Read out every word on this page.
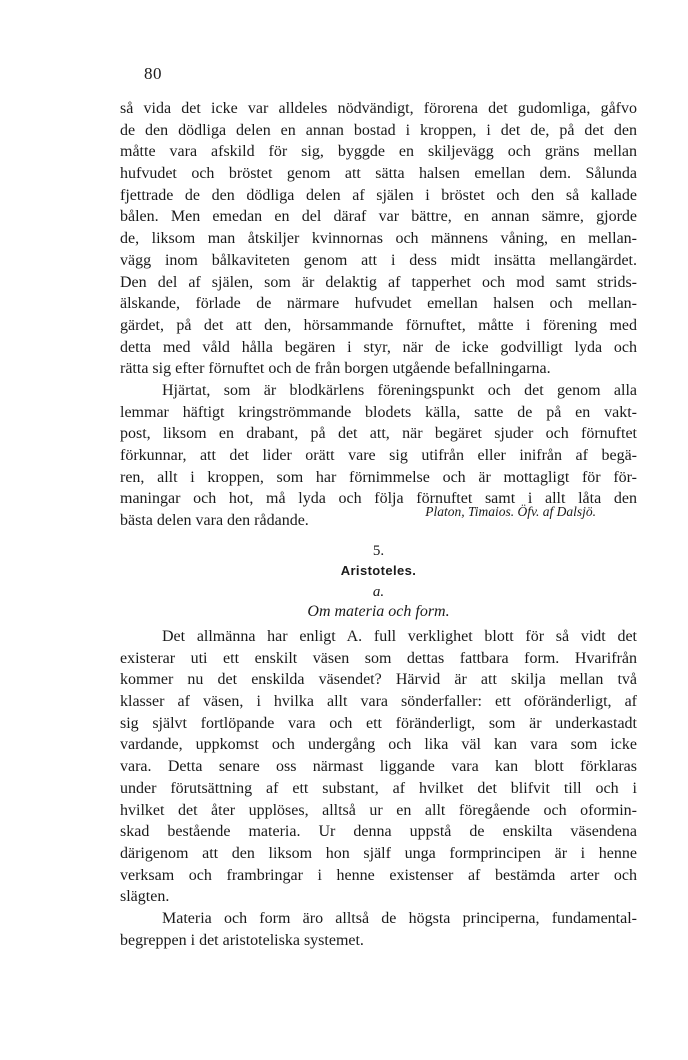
80
så vida det icke var alldeles nödvändigt, förorena det gudomliga, gåfvo
de den dödliga delen en annan bostad i kroppen, i det de, på det den
måtte vara afskild för sig, byggde en skiljevägg och gräns mellan
hufvudet och bröstet genom att sätta halsen emellan dem. Sålunda
fjettrade de den dödliga delen af själen i bröstet och den så kallade
bålen. Men emedan en del däraf var bättre, en annan sämre, gjorde
de, liksom man åtskiljer kvinnornas och männens våning, en mellan-
vägg inom bålkaviteten genom att i dess midt insätta mellangärdet.
Den del af själen, som är delaktig af tapperhet och mod samt strids-
älskande, förlade de närmare hufvudet emellan halsen och mellan-
gärdet, på det att den, hörsammande förnuftet, måtte i förening med
detta med våld hålla begären i styr, när de icke godvilligt lyda och
rätta sig efter förnuftet och de från borgen utgående befallningarna.
Hjärtat, som är blodkärlens föreningspunkt och det genom alla
lemmar häftigt kringströmmande blodets källa, satte de på en vakt-
post, liksom en drabant, på det att, när begäret sjuder och förnuftet
förkunnar, att det lider orätt vare sig utifrån eller inifrån af begä-
ren, allt i kroppen, som har förnimmelse och är mottagligt för för-
maningar och hot, må lyda och följa förnuftet samt i allt låta den
bästa delen vara den rådande.
Platon, Timaios. Öfv. af Dalsjö.
5.
Aristoteles.
a.
Om materia och form.
Det allmänna har enligt A. full verklighet blott för så vidt det
existerar uti ett enskilt väsen som dettas fattbara form. Hvarifrån
kommer nu det enskilda väsendet? Härvid är att skilja mellan två
klasser af väsen, i hvilka allt vara sönderfaller: ett oföränderligt, af
sig självt fortlöpande vara och ett föränderligt, som är underkastadt
vardande, uppkomst och undergång och lika väl kan vara som icke
vara. Detta senare oss närmast liggande vara kan blott förklaras
under förutsättning af ett substant, af hvilket det blifvit till och i
hvilket det åter upplöses, alltså ur en allt föregående och oformin-
skad bestående materia. Ur denna uppstå de enskilta väsendena
därigenom att den liksom hon själf unga formprincipen är i henne
verksam och frambringar i henne existenser af bestämda arter och
slägten.
Materia och form äro alltså de högsta principerna, fundamental-
begreppen i det aristoteliska systemet.
